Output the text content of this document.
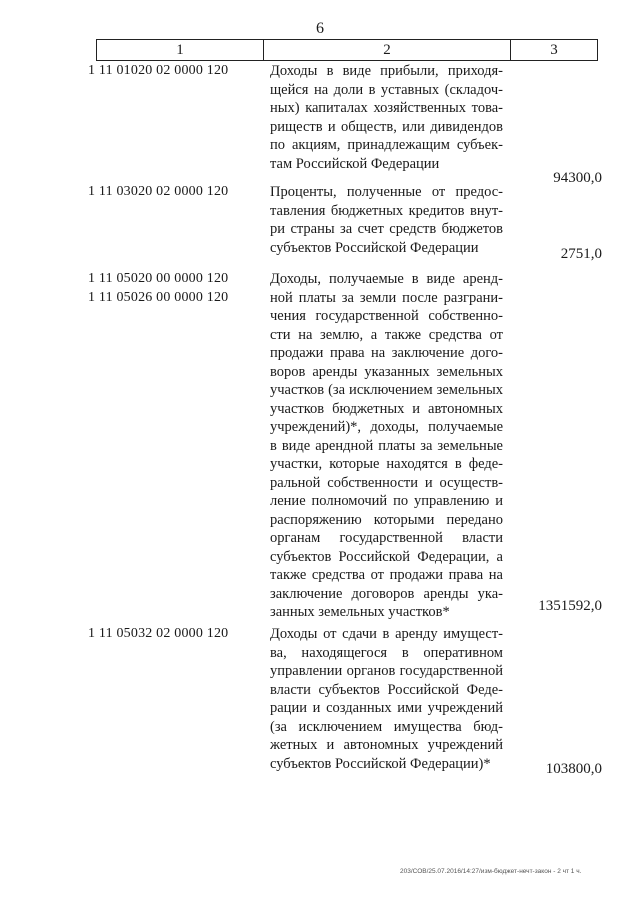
6
1	2	3
1 11 01020 02 0000 120	Доходы в виде прибыли, приходя-
щейся на доли в уставных (складоч-
ных) капиталах хозяйственных това-
риществ и обществ, или дивидендов
по акциям, принадлежащим субъек-
там Российской Федерации
94300,0
1 11 03020 02 0000 120	Проценты, полученные от предос-
тавления бюджетных кредитов внут-
ри страны за счет средств бюджетов
субъектов Российской Федерации	2751,0
1 11 05020 00 0000 120
1 11 05026 00 0000 120
Доходы, получаемые в виде аренд-
ной платы за земли после разграни-
чения государственной собственно-
сти на землю, а также средства от
продажи права на заключение дого-
воров аренды указанных земельных
участков (за исключением земельных
участков бюджетных и автономных
учреждений)*, доходы, получаемые
в виде арендной платы за земельные
участки, которые находятся в феде-
ральной собственности и осуществ-
ление полномочий по управлению и
распоряжению которыми передано
органам государственной власти
субъектов Российской Федерации, а
также средства от продажи права на
заключение договоров аренды ука-
занных земельных участков*	1351592,0
1 11 05032 02 0000 120	Доходы от сдачи в аренду имущест-
ва, находящегося в оперативном
управлении органов государственной
власти субъектов Российской Феде-
рации и созданных ими учреждений
(за исключением имущества бюд-
жетных и автономных учреждений
субъектов Российской Федерации)*	103800,0
203/СОВ/25.07.2016/14:27/изм-бюджет-нечт-закон - 2 чт 1 ч.
